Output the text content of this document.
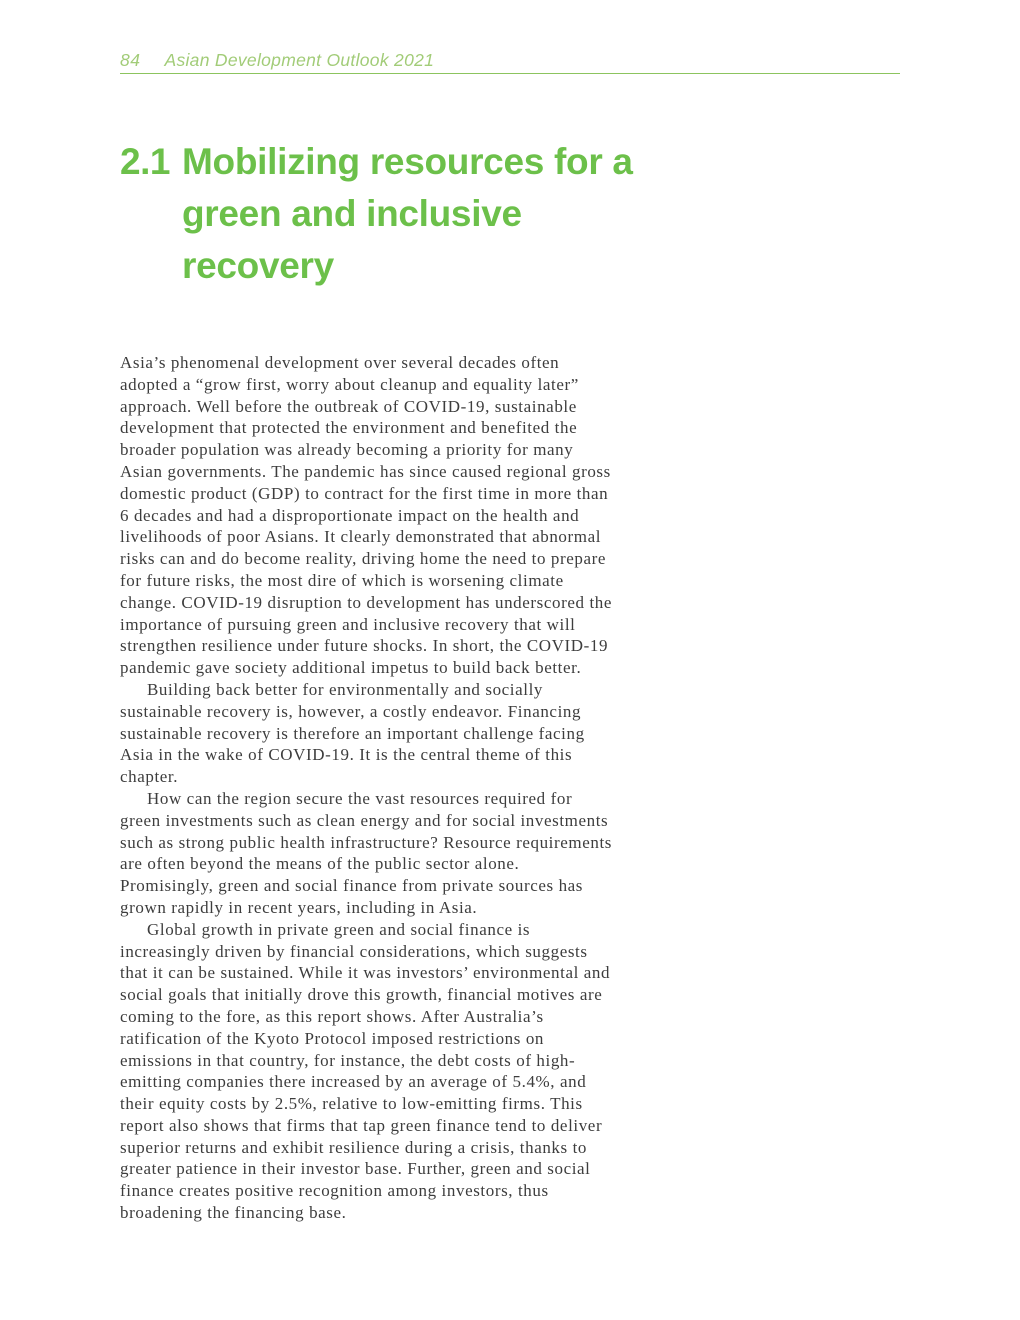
84 Asian Development Outlook 2021
2.1 Mobilizing resources for a green and inclusive recovery

Asia’s phenomenal development over several decades often adopted a “grow first, worry about cleanup and equality later” approach. Well before the outbreak of COVID-19, sustainable development that protected the environment and benefited the broader population was already becoming a priority for many Asian governments. The pandemic has since caused regional gross domestic product (GDP) to contract for the first time in more than 6 decades and had a disproportionate impact on the health and livelihoods of poor Asians. It clearly demonstrated that abnormal risks can and do become reality, driving home the need to prepare for future risks, the most dire of which is worsening climate change. COVID-19 disruption to development has underscored the importance of pursuing green and inclusive recovery that will strengthen resilience under future shocks. In short, the COVID-19 pandemic gave society additional impetus to build back better.

Building back better for environmentally and socially sustainable recovery is, however, a costly endeavor. Financing sustainable recovery is therefore an important challenge facing Asia in the wake of COVID-19. It is the central theme of this chapter.

How can the region secure the vast resources required for green investments such as clean energy and for social investments such as strong public health infrastructure? Resource requirements are often beyond the means of the public sector alone. Promisingly, green and social finance from private sources has grown rapidly in recent years, including in Asia.

Global growth in private green and social finance is increasingly driven by financial considerations, which suggests that it can be sustained. While it was investors’ environmental and social goals that initially drove this growth, financial motives are coming to the fore, as this report shows. After Australia’s ratification of the Kyoto Protocol imposed restrictions on emissions in that country, for instance, the debt costs of high-emitting companies there increased by an average of 5.4%, and their equity costs by 2.5%, relative to low-emitting firms. This report also shows that firms that tap green finance tend to deliver superior returns and exhibit resilience during a crisis, thanks to greater patience in their investor base. Further, green and social finance creates positive recognition among investors, thus broadening the financing base.
